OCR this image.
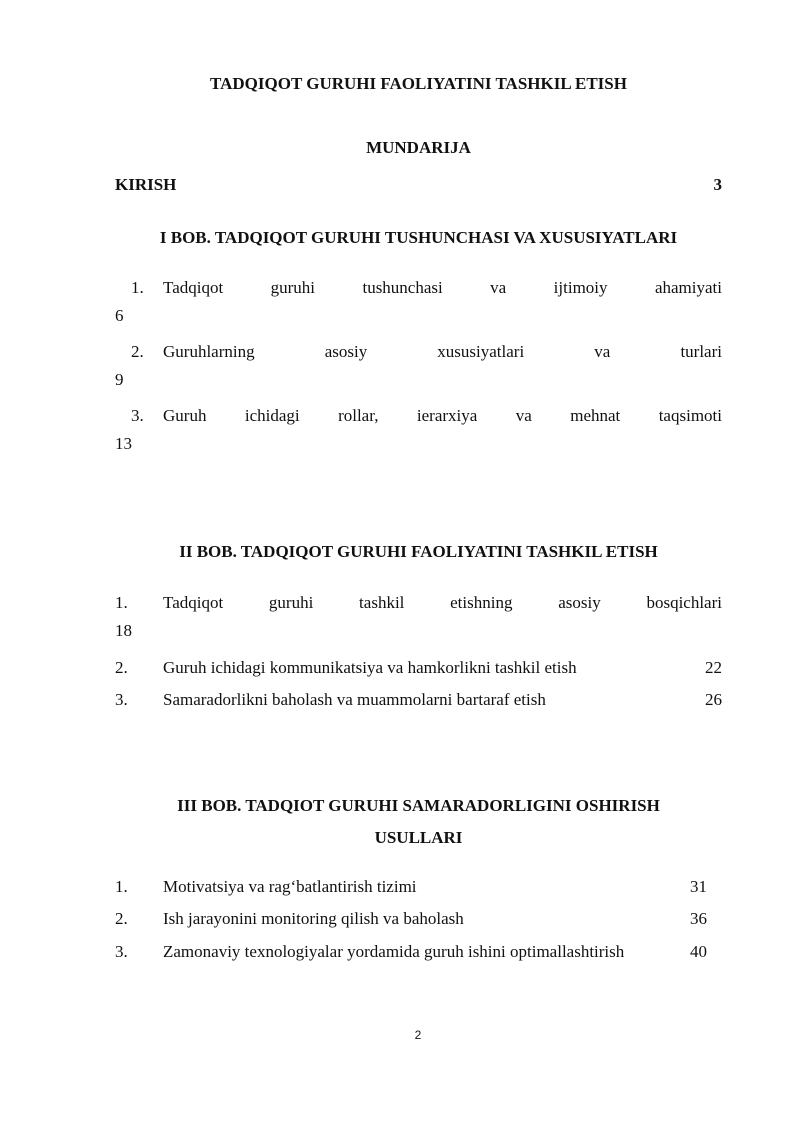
TADQIQOT GURUHI FAOLIYATINI TASHKIL ETISH
MUNDARIJA
KIRISH	3
I BOB. TADQIQOT GURUHI TUSHUNCHASI VA XUSUSIYATLARI
1. Tadqiqot guruhi tushunchasi va ijtimoiy ahamiyati
6
2. Guruhlarning asosiy xususiyatlari va turlari
9
3. Guruh ichidagi rollar, ierarxiya va mehnat taqsimoti
13
II BOB. TADQIQOT GURUHI FAOLIYATINI TASHKIL ETISH
1. Tadqiqot guruhi tashkil etishning asosiy bosqichlari
18
2. Guruh ichidagi kommunikatsiya va hamkorlikni tashkil etish	22
3. Samaradorlikni baholash va muammolarni bartaraf etish	26
III BOB. TADQIOT GURUHI SAMARADORLIGINI OSHIRISH
USULLARI
1. Motivatsiya va rag‘batlantirish tizimi	31
2. Ish jarayonini monitoring qilish va baholash	36
3. Zamonaviy texnologiyalar yordamida guruh ishini optimallashtirish	40
2
